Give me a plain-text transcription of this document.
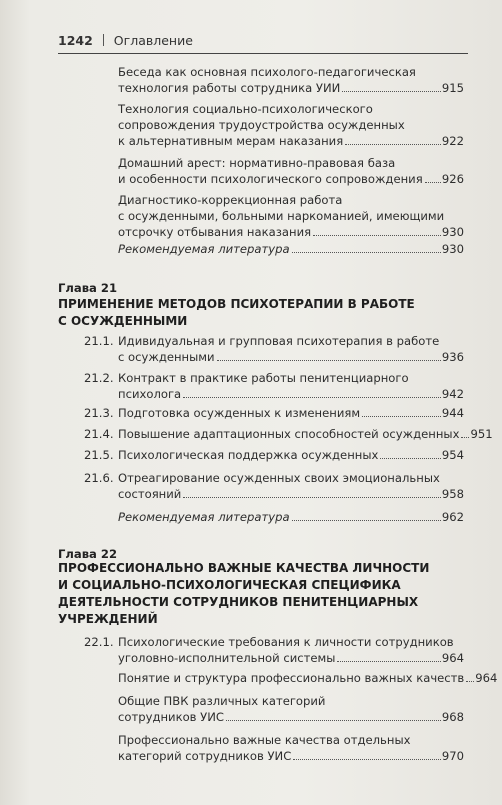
1242 Оглавление
Беседа как основная психолого-педагогическая
технология работы сотрудника УИИ	915
Технология социально-психологического
сопровождения трудоустройства осужденных
к альтернативным мерам наказания	922
Домашний арест: нормативно-правовая база
и особенности психологического сопровождения 926
Диагностико-коррекционная работа
с осужденными, больными наркоманией, имеющими
отсрочку отбывания наказания	930
Рекомендуемая литература	930
Глава 21
ПРИМЕНЕНИЕ МЕТОДОВ ПСИХОТЕРАПИИ В РАБОТЕ
С ОСУЖДЕННЫМИ
21.1. Идивидуальная и групповая психотерапия в работе
с осужденными	936
21.2. Контракт в практике работы пенитенциарного
психолога	942
21.3. Подготовка осужденных к изменениям	944
21.4. Повышение адаптационных способностей осужденных 951
21.5. Психологическая поддержка осужденных	954
21.6. Отреагирование осужденных своих эмоциональных
состояний	958
Рекомендуемая литература	962
Глава 22
ПРОФЕССИОНАЛЬНО ВАЖНЫЕ КАЧЕСТВА ЛИЧНОСТИ
И СОЦИАЛЬНО-ПСИХОЛОГИЧЕСКАЯ СПЕЦИФИКА
ДЕЯТЕЛЬНОСТИ СОТРУДНИКОВ ПЕНИТЕНЦИАРНЫХ
УЧРЕЖДЕНИЙ
22.1. Психологические требования к личности сотрудников
уголовно-исполнительной системы	964
Понятие и структура профессионально важных качеств 964
Общие ПВК различных категорий
сотрудников УИС	968
Профессионально важные качества отдельных
категорий сотрудников УИС	970
